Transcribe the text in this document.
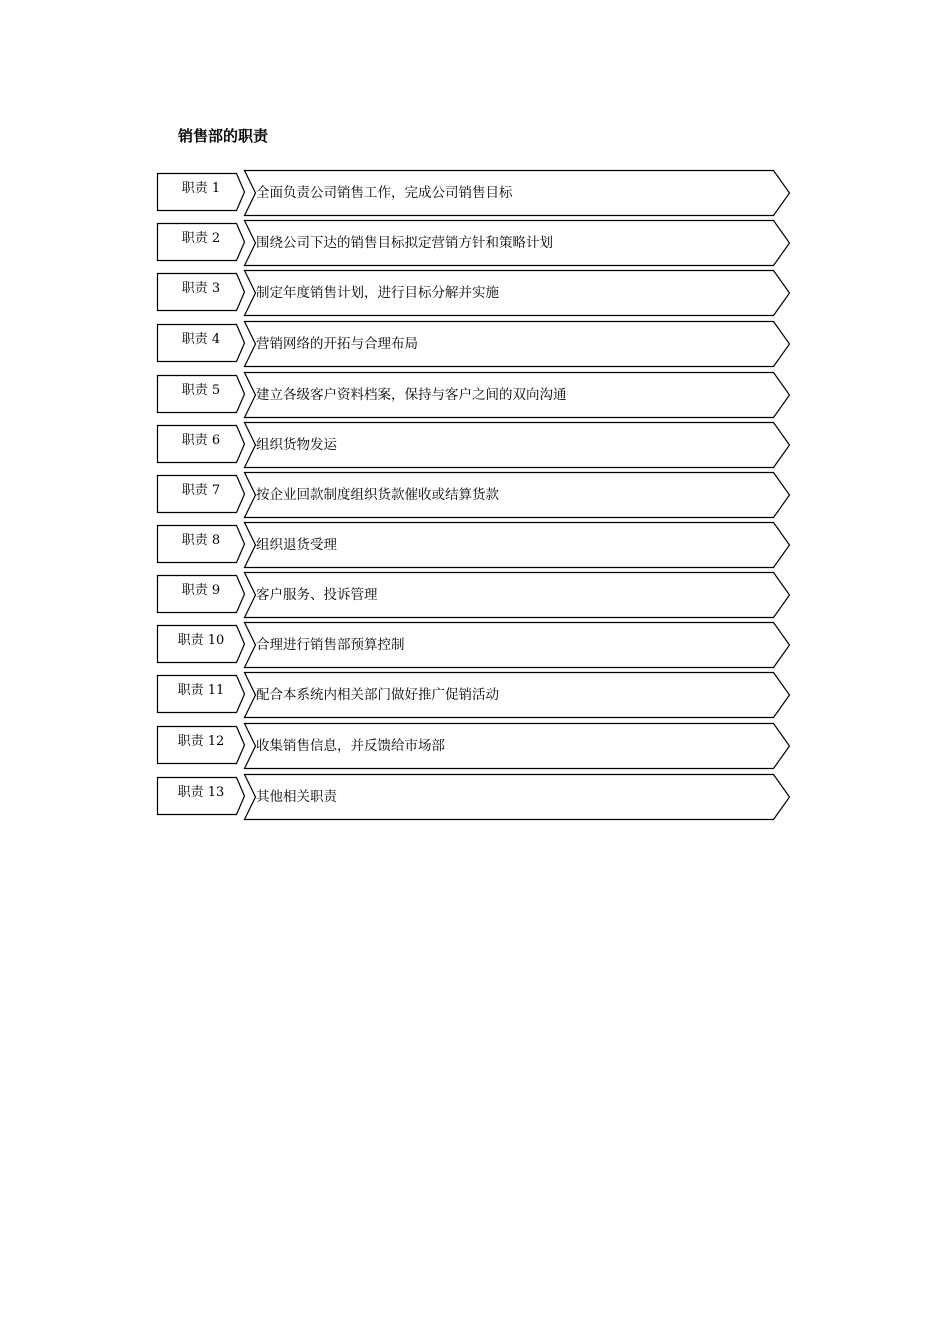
销售部的职责
职责 1	全面负责公司销售工作，完成公司销售目标
职责 2	围绕公司下达的销售目标拟定营销方针和策略计划
职责 3	制定年度销售计划，进行目标分解并实施
职责 4	营销网络的开拓与合理布局
职责 5	建立各级客户资料档案，保持与客户之间的双向沟通
职责 6	组织货物发运
职责 7	按企业回款制度组织货款催收或结算货款
职责 8	组织退货受理
职责 9	客户服务、投诉管理
职责 10	合理进行销售部预算控制
职责 11	配合本系统内相关部门做好推广促销活动
职责 12	收集销售信息，并反馈给市场部
职责 13	其他相关职责
